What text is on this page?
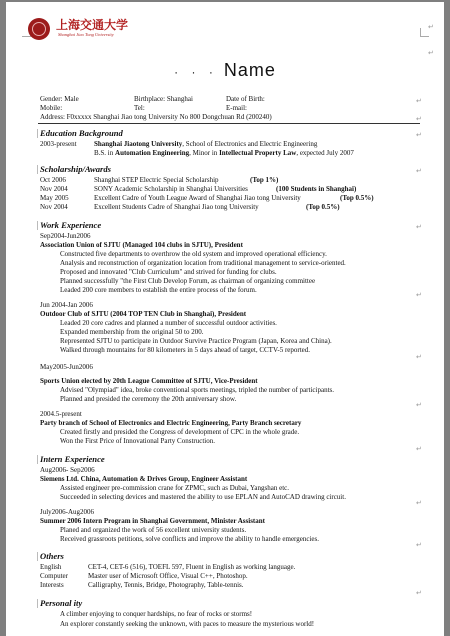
↵
↵
上海交通大学
Shanghai Jiao Tong University
· · · Name
Gender: Male	Birthplace: Shanghai	Date of Birth:
Mobile:	Tel:	E-mail:
Address: F0xxxxx Shanghai Jiao tong University No 800 Dongchuan Rd (200240)
Education Background
2003-present Shanghai Jiaotong University, School of Electronics and Electric Engineering
B.S. in Automation Engineering, Minor in Intellectual Property Law, expected July 2007
Scholarship/Awards
Oct 2006	Shanghai STEP Electric Special Scholarship	(Top 1%)
Nov 2004	SONY Academic Scholarship in Shanghai Universities	(100 Students in Shanghai)
May 2005	Excellent Cadre of Youth League Award of Shanghai Jiao tong University	(Top 0.5%)
Nov 2004	Excellent Students Cadre of Shanghai Jiao tong University	(Top 0.5%)
Work Experience
Sep2004-Jun2006
Association Union of SJTU (Managed 104 clubs in SJTU), President
Constructed five departments to overthrow the old system and improved operational efficiency.
Analysis and reconstruction of organization location from traditional management to service-oriented.
Proposed and innovated "Club Curriculum" and strived for funding for clubs.
Planned successfully "the First Club Develop Forum, as chairman of organizing committee
Leaded 200 core members to establish the entire process of the forum.
Jun 2004-Jan 2006
Outdoor Club of SJTU (2004 TOP TEN Club in Shanghai), President
Leaded 20 core cadres and planned a number of successful outdoor activities.
Expanded membership from the original 50 to 200.
Represented SJTU to participate in Outdoor Survive Practice Program (Japan, Korea and China).
Walked through mountains for 80 kilometers in 5 days ahead of target, CCTV-5 reported.
May2005-Jun2006
Sports Union elected by 20th League Committee of SJTU, Vice-President
Advised "Olympiad" idea, broke conventional sports meetings, tripled the number of participants.
Planned and presided the ceremony the 20th anniversary show.
2004.5-present
Party branch of School of Electronics and Electric Engineering, Party Branch secretary
Created firstly and presided the Congress of development of CPC in the whole grade.
Won the First Price of Innovational Party Construction.
Intern Experience
Aug2006- Sep2006
Siemens Ltd. China, Automation & Drives Group, Engineer Assistant
Assisted engineer pre-commission crane for ZPMC, such as Dubai, Yangshan etc.
Succeeded in selecting devices and mastered the ability to use EPLAN and AutoCAD drawing circuit.
July2006-Aug2006
Summer 2006 Intern Program in Shanghai Government, Minister Assistant
Planed and organized the work of 56 excellent university students.
Received grassroots petitions, solve conflicts and improve the ability to handle emergencies.
Others
English	CET-4, CET-6 (516), TOEFL 597, Fluent in English as working language.
Computer	Master user of Microsoft Office, Visual C++, Photoshop.
Interests	Calligraphy, Tennis, Bridge, Photography, Table-tennis.
Personal ity
A climber enjoying to conquer hardships, no fear of rocks or storms!
An explorer constantly seeking the unknown, with paces to measure the mysterious world!
↵
↵
↵
↵
↵
↵
↵
↵
↵
↵
↵
↵
